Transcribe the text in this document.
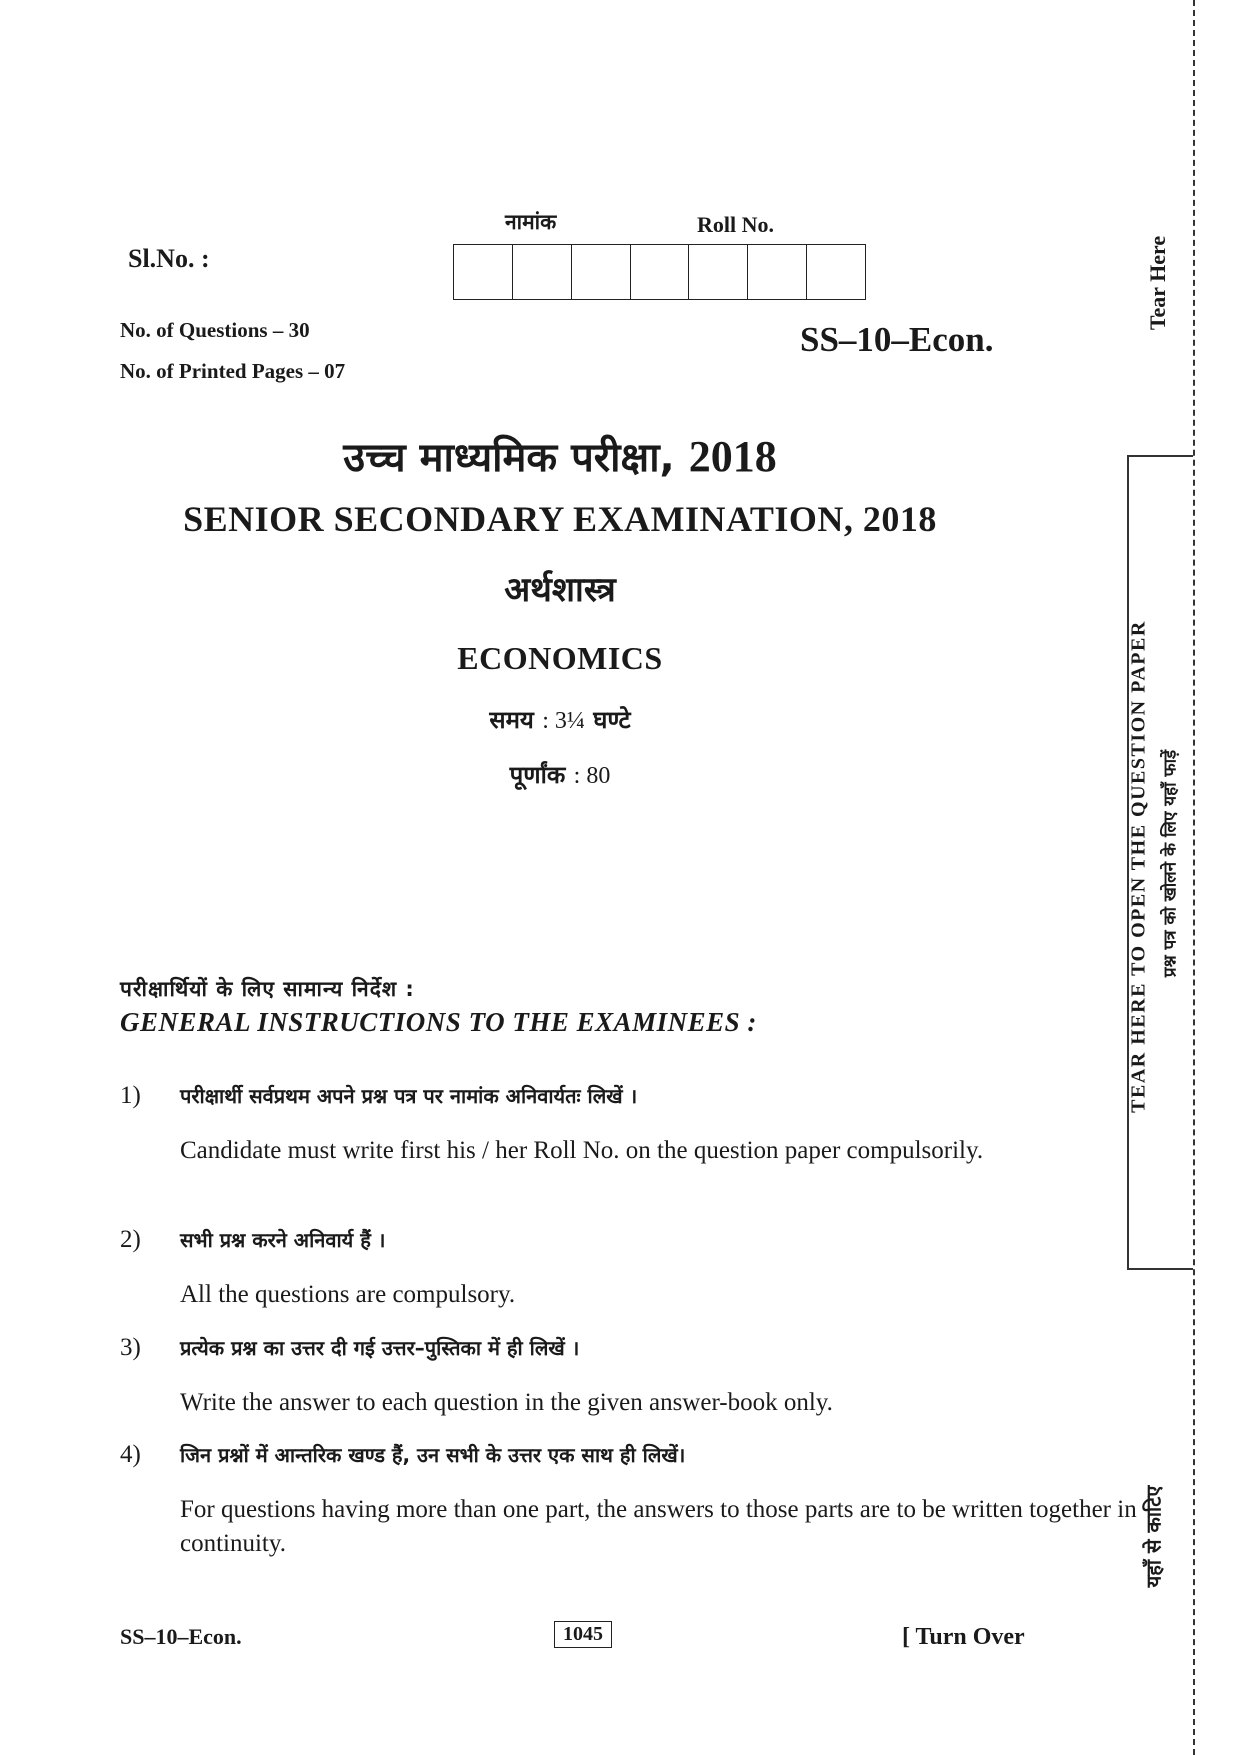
Sl.No. :
नामांक	Roll No.
No. of Questions – 30
No. of Printed Pages – 07
SS–10–Econ.
उच्च माध्यमिक परीक्षा, 2018
SENIOR SECONDARY EXAMINATION, 2018
अर्थशास्त्र
ECONOMICS
समय : 3¼ घण्टे
पूर्णांक : 80
परीक्षार्थियों के लिए सामान्य निर्देश :
GENERAL INSTRUCTIONS TO THE EXAMINEES :
1) परीक्षार्थी सर्वप्रथम अपने प्रश्न पत्र पर नामांक अनिवार्यतः लिखें ।
Candidate must write first his / her Roll No. on the question paper compulsorily.
2) सभी प्रश्न करने अनिवार्य हैं ।
All the questions are compulsory.
3) प्रत्येक प्रश्न का उत्तर दी गई उत्तर–पुस्तिका में ही लिखें ।
Write the answer to each question in the given answer-book only.
4) जिन प्रश्नों में आन्तरिक खण्ड हैं, उन सभी के उत्तर एक साथ ही लिखें।
For questions having more than one part, the answers to those parts are to be written together in continuity.
SS–10–Econ.	1045	[ Turn Over
Tear Here
प्रश्न पत्र को खोलने के लिए यहाँ फाड़ें
TEAR HERE TO OPEN THE QUESTION PAPER
यहाँ से काटिए
